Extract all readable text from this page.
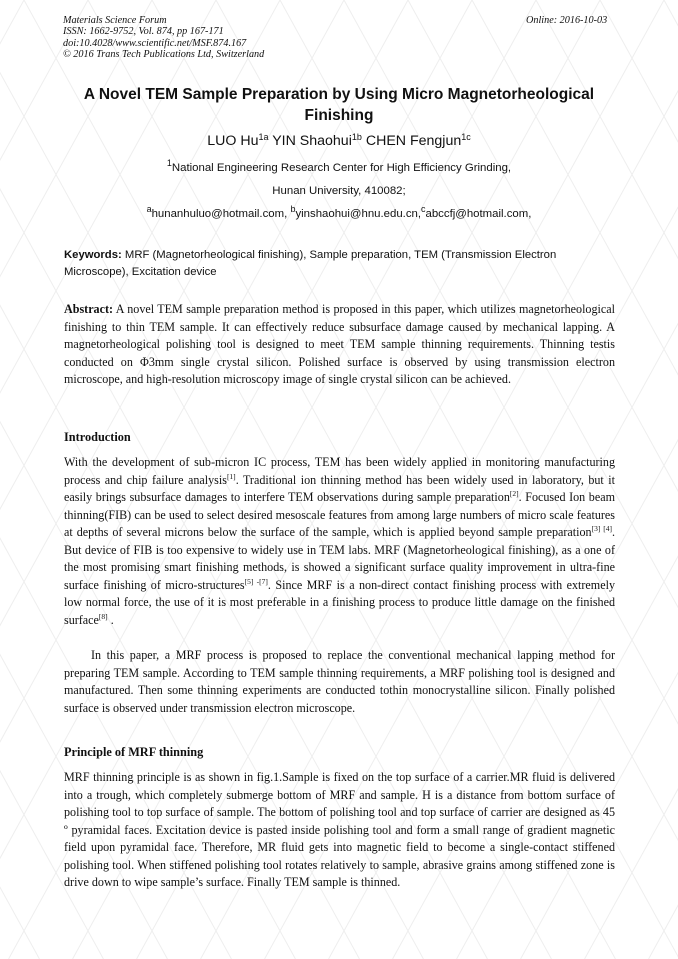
Materials Science Forum
ISSN: 1662-9752, Vol. 874, pp 167-171
doi:10.4028/www.scientific.net/MSF.874.167
© 2016 Trans Tech Publications Ltd, Switzerland
Online: 2016-10-03
A Novel TEM Sample Preparation by Using Micro Magnetorheological Finishing
LUO $Hu^{1a}$ YIN Shaohui$^{1b}$ CHEN Fengjun$^{1c}$
$^1$National Engineering Research Center for High Efficiency Grinding,
Hunan University, 410082;
$^a$hunanhuluo@hotmail.com, $^b$yinshaohui@hnu.edu.cn,$^c$abccfj@hotmail.com,
Keywords: MRF (Magnetorheological finishing), Sample preparation, TEM (Transmission Electron Microscope), Excitation device
Abstract: A novel TEM sample preparation method is proposed in this paper, which utilizes magnetorheological finishing to thin TEM sample. It can effectively reduce subsurface damage caused by mechanical lapping. A magnetorheological polishing tool is designed to meet TEM sample thinning requirements. Thinning testis conducted on Φ3mm single crystal silicon. Polished surface is observed by using transmission electron microscope, and high-resolution microscopy image of single crystal silicon can be achieved.
Introduction
With the development of sub-micron IC process, TEM has been widely applied in monitoring manufacturing process and chip failure analysis[1]. Traditional ion thinning method has been widely used in laboratory, but it easily brings subsurface damages to interfere TEM observations during sample preparation[2]. Focused Ion beam thinning(FIB) can be used to select desired mesoscale features from among large numbers of micro scale features at depths of several microns below the surface of the sample, which is applied beyond sample preparation[3] [4]. But device of FIB is too expensive to widely use in TEM labs. MRF (Magnetorheological finishing), as a one of the most promising smart finishing methods, is showed a significant surface quality improvement in ultra-fine surface finishing of micro-structures[5] -[7]. Since MRF is a non-direct contact finishing process with extremely low normal force, the use of it is most preferable in a finishing process to produce little damage on the finished surface[8] .
In this paper, a MRF process is proposed to replace the conventional mechanical lapping method for preparing TEM sample. According to TEM sample thinning requirements, a MRF polishing tool is designed and manufactured. Then some thinning experiments are conducted tothin monocrystalline silicon. Finally polished surface is observed under transmission electron microscope.
Principle of MRF thinning
MRF thinning principle is as shown in fig.1.Sample is fixed on the top surface of a carrier.MR fluid is delivered into a trough, which completely submerge bottom of MRF and sample. H is a distance from bottom surface of polishing tool to top surface of sample. The bottom of polishing tool and top surface of carrier are designed as 45 º pyramidal faces. Excitation device is pasted inside polishing tool and form a small range of gradient magnetic field upon pyramidal face. Therefore, MR fluid gets into magnetic field to become a single-contact stiffened polishing tool. When stiffened polishing tool rotates relatively to sample, abrasive grains among stiffened zone is drive down to wipe sample’s surface. Finally TEM sample is thinned.
